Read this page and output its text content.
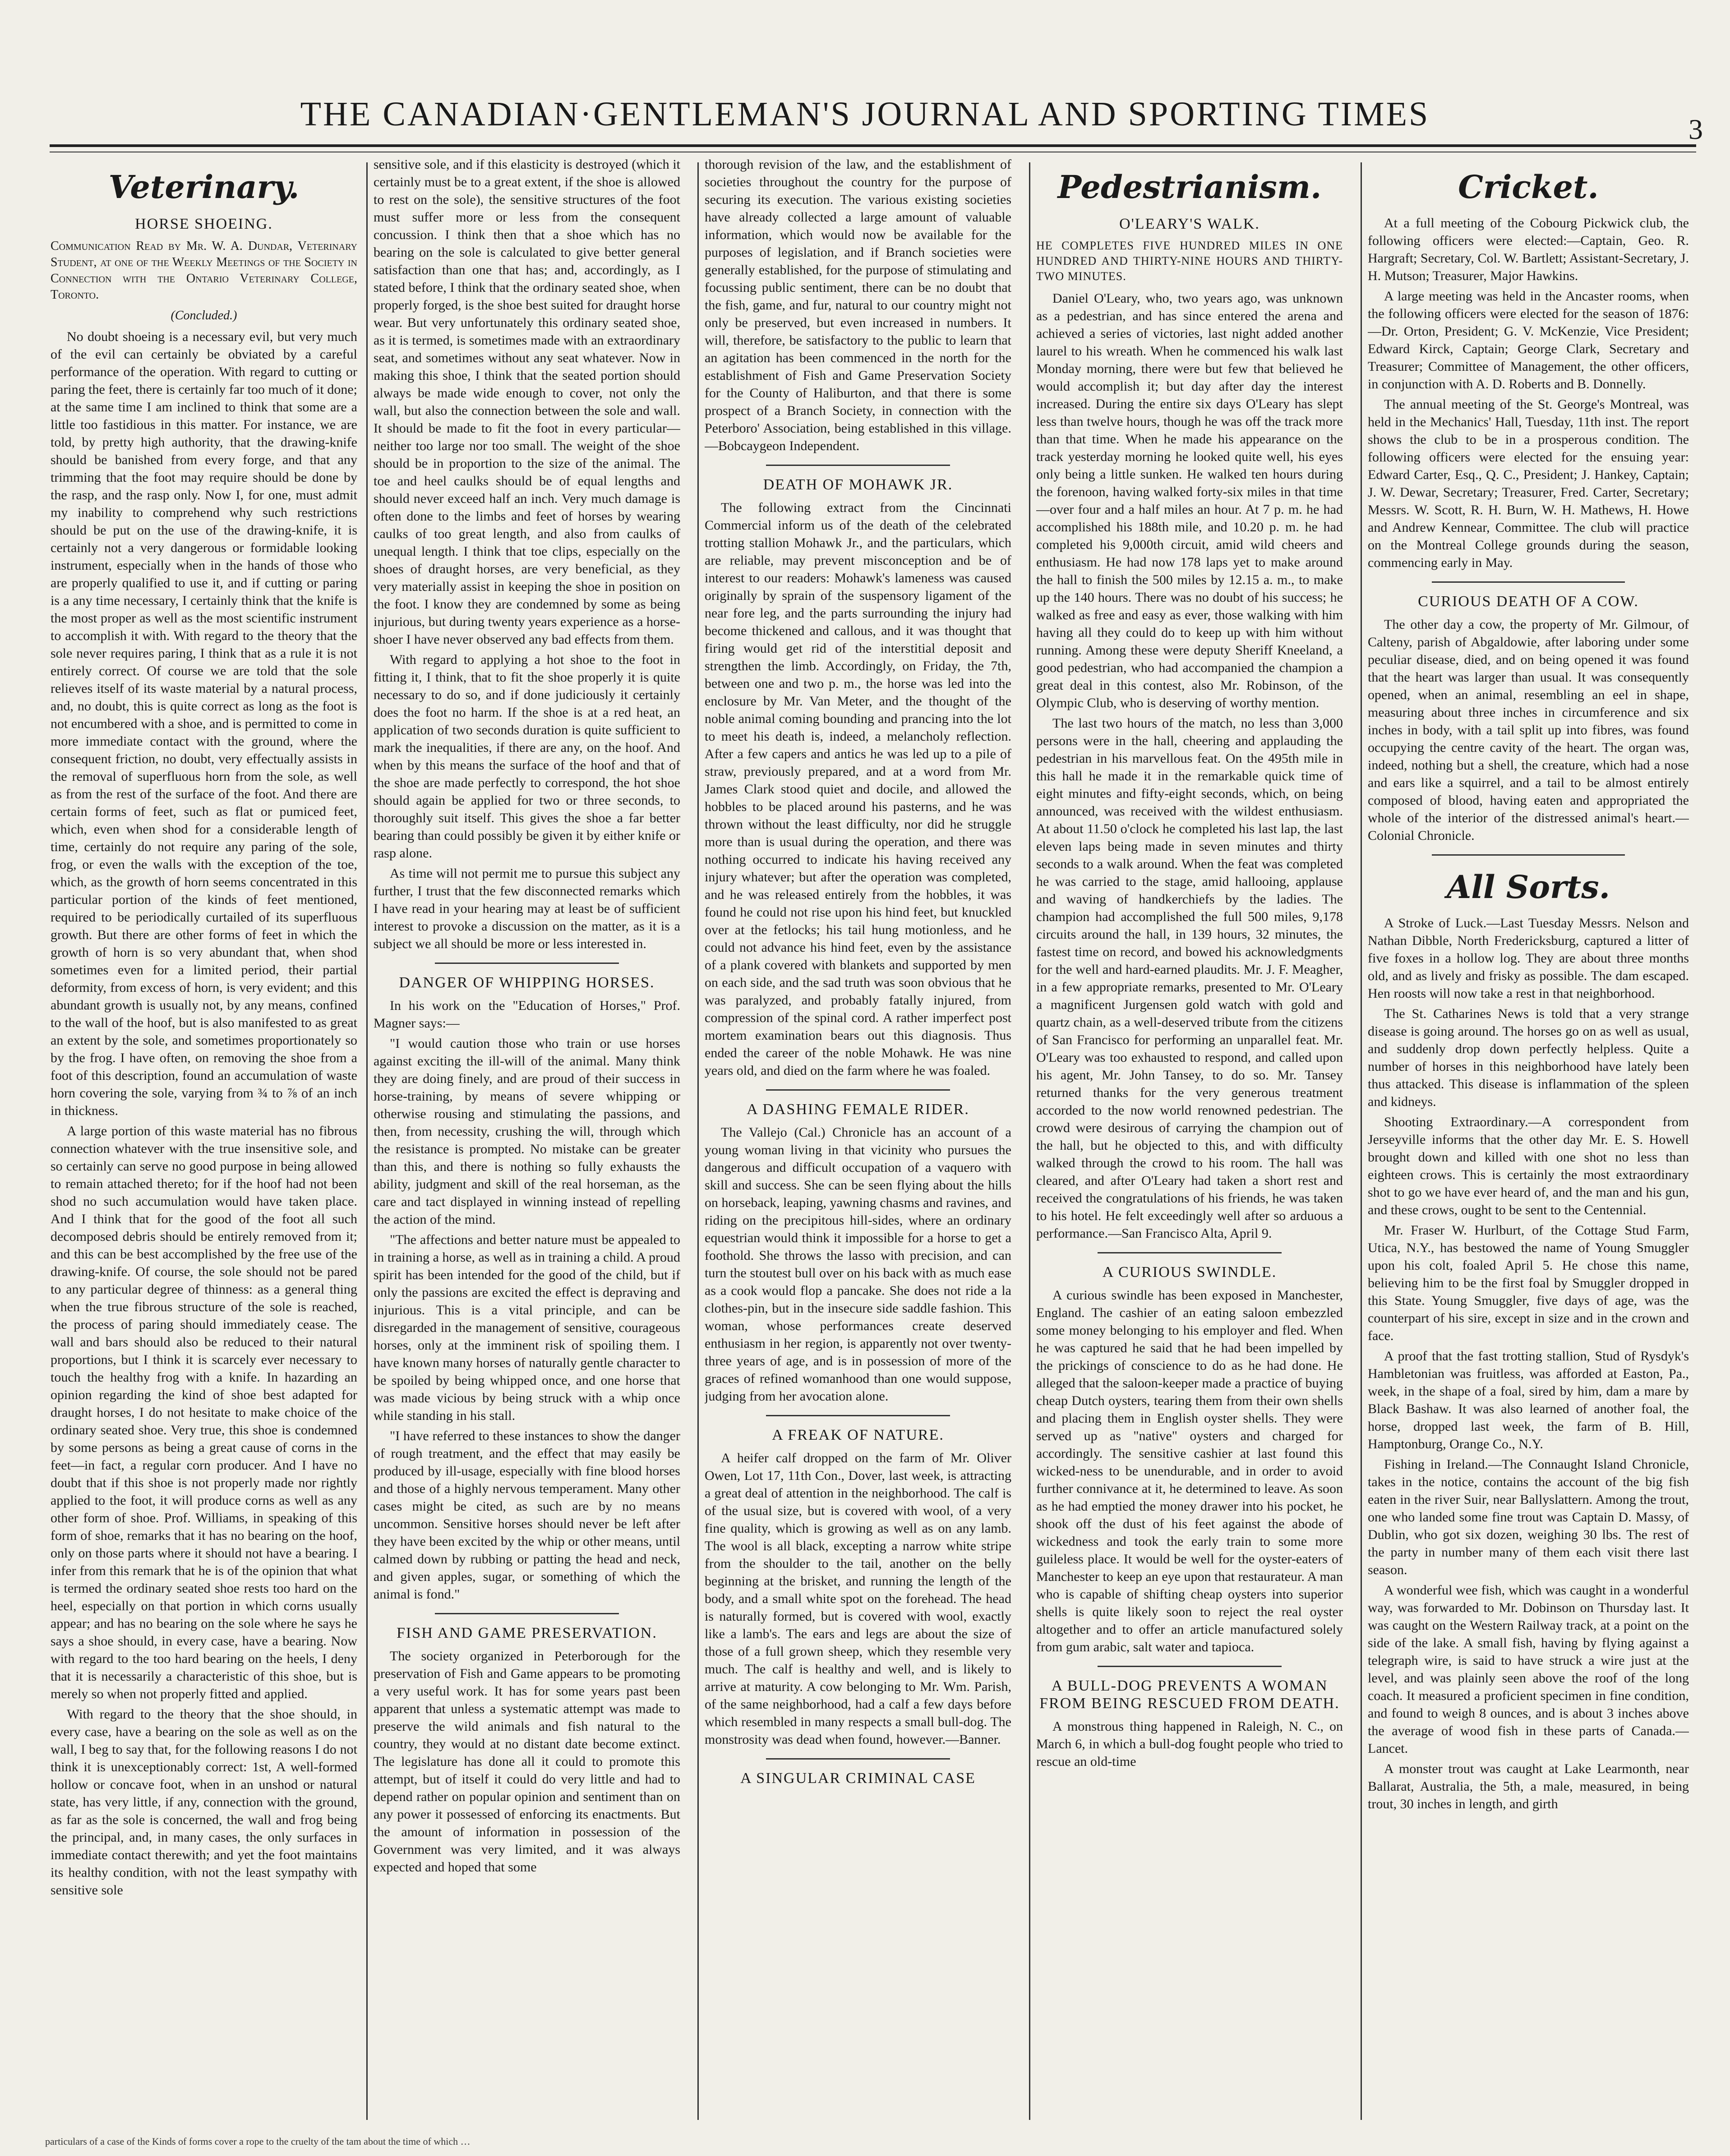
THE CANADIAN·GENTLEMAN'S JOURNAL AND SPORTING TIMES	3
Veterinary.
HORSE SHOEING.
Communication Read by Mr. W. A. Dundar, Veterinary Student, at one of the Weekly Meetings of the Society in Connection with the Ontario Veterinary College, Toronto.
(Concluded.)

No doubt shoeing is a necessary evil, but very much of the evil can certainly be obviated by a careful performance of the operation. With regard to cutting or paring the feet, there is certainly far too much of it done; at the same time I am inclined to think that some are a little too fastidious in this matter. For instance, we are told, by pretty high authority, that the drawing-knife should be banished from every forge, and that any trimming that the foot may require should be done by the rasp, and the rasp only. Now I, for one, must admit my inability to comprehend why such restrictions should be put on the use of the drawing-knife, it is certainly not a very dangerous or formidable looking instrument, especially when in the hands of those who are properly qualified to use it, and if cutting or paring is a any time necessary, I certainly think that the knife is the most proper as well as the most scientific instrument to accomplish it with. With regard to the theory that the sole never requires paring, I think that as a rule it is not entirely correct. Of course we are told that the sole relieves itself of its waste material by a natural process, and, no doubt, this is quite correct as long as the foot is not encumbered with a shoe, and is permitted to come in more immediate contact with the ground, where the consequent friction, no doubt, very effectually assists in the removal of superfluous horn from the sole, as well as from the rest of the surface of the foot. And there are certain forms of feet, such as flat or pumiced feet, which, even when shod for a considerable length of time, certainly do not require any paring of the sole, frog, or even the walls with the exception of the toe, which, as the growth of horn seems concentrated in this particular portion of the kinds of feet mentioned, required to be periodically curtailed of its superfluous growth. But there are other forms of feet in which the growth of horn is so very abundant that, when shod sometimes even for a limited period, their partial deformity, from excess of horn, is very evident; and this abundant growth is usually not, by any means, confined to the wall of the hoof, but is also manifested to as great an extent by the sole, and sometimes proportionately so by the frog. I have often, on removing the shoe from a foot of this description, found an accumulation of waste horn covering the sole, varying from ¾ to ⅞ of an inch in thickness.

A large portion of this waste material has no fibrous connection whatever with the true insensitive sole, and so certainly can serve no good purpose in being allowed to remain attached thereto; for if the hoof had not been shod no such accumulation would have taken place. And I think that for the good of the foot all such decomposed debris should be entirely removed from it; and this can be best accomplished by the free use of the drawing-knife. Of course, the sole should not be pared to any particular degree of thinness: as a general thing when the true fibrous structure of the sole is reached, the process of paring should immediately cease. The wall and bars should also be reduced to their natural proportions, but I think it is scarcely ever necessary to touch the healthy frog with a knife. In hazarding an opinion regarding the kind of shoe best adapted for draught horses, I do not hesitate to make choice of the ordinary seated shoe. Very true, this shoe is condemned by some persons as being a great cause of corns in the feet—in fact, a regular corn producer. And I have no doubt that if this shoe is not properly made nor rightly applied to the foot, it will produce corns as well as any other form of shoe. Prof. Williams, in speaking of this form of shoe, remarks that it has no bearing on the hoof, only on those parts where it should not have a bearing. I infer from this remark that he is of the opinion that what is termed the ordinary seated shoe rests too hard on the heel, especially on that portion in which corns usually appear; and has no bearing on the sole where he says he says a shoe should, in every case, have a bearing. Now with regard to the too hard bearing on the heels, I deny that it is necessarily a characteristic of this shoe, but is merely so when not properly fitted and applied.

With regard to the theory that the shoe should, in every case, have a bearing on the sole as well as on the wall, I beg to say that, for the following reasons I do not think it is unexceptionably correct: 1st, A well-formed hollow or concave foot, when in an unshod or natural state, has very little, if any, connection with the ground, as far as the sole is concerned, the wall and frog being the principal, and, in many cases, the only surfaces in immediate contact therewith; and yet the foot maintains its healthy condition, with not the least sympathy with sensitive sole

sensitive sole, and if this elasticity is destroyed (which it certainly must be to a great extent, if the shoe is allowed to rest on the sole), the sensitive structures of the foot must suffer more or less from the consequent concussion. I think then that a shoe which has no bearing on the sole is calculated to give better general satisfaction than one that has; and, accordingly, as I stated before, I think that the ordinary seated shoe, when properly forged, is the shoe best suited for draught horse wear. But very unfortunately this ordinary seated shoe, as it is termed, is sometimes made with an extraordinary seat, and sometimes without any seat whatever. Now in making this shoe, I think that the seated portion should always be made wide enough to cover, not only the wall, but also the connection between the sole and wall. It should be made to fit the foot in every particular—neither too large nor too small. The weight of the shoe should be in proportion to the size of the animal. The toe and heel caulks should be of equal lengths and should never exceed half an inch. Very much damage is often done to the limbs and feet of horses by wearing caulks of too great length, and also from caulks of unequal length. I think that toe clips, especially on the shoes of draught horses, are very beneficial, as they very materially assist in keeping the shoe in position on the foot. I know they are condemned by some as being injurious, but during twenty years experience as a horse-shoer I have never observed any bad effects from them.

With regard to applying a hot shoe to the foot in fitting it, I think, that to fit the shoe properly it is quite necessary to do so, and if done judiciously it certainly does the foot no harm. If the shoe is at a red heat, an application of two seconds duration is quite sufficient to mark the inequalities, if there are any, on the hoof. And when by this means the surface of the hoof and that of the shoe are made perfectly to correspond, the hot shoe should again be applied for two or three seconds, to thoroughly suit itself. This gives the shoe a far better bearing than could possibly be given it by either knife or rasp alone.

As time will not permit me to pursue this subject any further, I trust that the few disconnected remarks which I have read in your hearing may at least be of sufficient interest to provoke a discussion on the matter, as it is a subject we all should be more or less interested in.

DANGER OF WHIPPING HORSES.

In his work on the "Education of Horses," Prof. Magner says:—

"I would caution those who train or use horses against exciting the ill-will of the animal. Many think they are doing finely, and are proud of their success in horse-training, by means of severe whipping or otherwise rousing and stimulating the passions, and then, from necessity, crushing the will, through which the resistance is prompted. No mistake can be greater than this, and there is nothing so fully exhausts the ability, judgment and skill of the real horseman, as the care and tact displayed in winning instead of repelling the action of the mind.

"The affections and better nature must be appealed to in training a horse, as well as in training a child. A proud spirit has been intended for the good of the child, but if only the passions are excited the effect is depraving and injurious. This is a vital principle, and can be disregarded in the management of sensitive, courageous horses, only at the imminent risk of spoiling them. I have known many horses of naturally gentle character to be spoiled by being whipped once, and one horse that was made vicious by being struck with a whip once while standing in his stall.

"I have referred to these instances to show the danger of rough treatment, and the effect that may easily be produced by ill-usage, especially with fine blood horses and those of a highly nervous temperament. Many other cases might be cited, as such are by no means uncommon. Sensitive horses should never be left after they have been excited by the whip or other means, until calmed down by rubbing or patting the head and neck, and given apples, sugar, or something of which the animal is fond."

FISH AND GAME PRESERVATION.

The society organized in Peterborough for the preservation of Fish and Game appears to be promoting a very useful work. It has for some years past been apparent that unless a systematic attempt was made to preserve the wild animals and fish natural to the country, they would at no distant date become extinct. The legislature has done all it could to promote this attempt, but of itself it could do very little and had to depend rather on popular opinion and sentiment than on any power it possessed of enforcing its enactments. But the amount of information in possession of the Government was very limited, and it was always expected and hoped that some

thorough revision of the law, and the establishment of societies throughout the country for the purpose of securing its execution. The various existing societies have already collected a large amount of valuable information, which would now be available for the purposes of legislation, and if Branch societies were generally established, for the purpose of stimulating and focussing public sentiment, there can be no doubt that the fish, game, and fur, natural to our country might not only be preserved, but even increased in numbers. It will, therefore, be satisfactory to the public to learn that an agitation has been commenced in the north for the establishment of Fish and Game Preservation Society for the County of Haliburton, and that there is some prospect of a Branch Society, in connection with the Peterboro' Association, being established in this village.—Bobcaygeon Independent.

DEATH OF MOHAWK JR.

The following extract from the Cincinnati Commercial inform us of the death of the celebrated trotting stallion Mohawk Jr., and the particulars, which are reliable, may prevent misconception and be of interest to our readers: Mohawk's lameness was caused originally by sprain of the suspensory ligament of the near fore leg, and the parts surrounding the injury had become thickened and callous, and it was thought that firing would get rid of the interstitial deposit and strengthen the limb. Accordingly, on Friday, the 7th, between one and two p. m., the horse was led into the enclosure by Mr. Van Meter, and the thought of the noble animal coming bounding and prancing into the lot to meet his death is, indeed, a melancholy reflection. After a few capers and antics he was led up to a pile of straw, previously prepared, and at a word from Mr. James Clark stood quiet and docile, and allowed the hobbles to be placed around his pasterns, and he was thrown without the least difficulty, nor did he struggle more than is usual during the operation, and there was nothing occurred to indicate his having received any injury whatever; but after the operation was completed, and he was released entirely from the hobbles, it was found he could not rise upon his hind feet, but knuckled over at the fetlocks; his tail hung motionless, and he could not advance his hind feet, even by the assistance of a plank covered with blankets and supported by men on each side, and the sad truth was soon obvious that he was paralyzed, and probably fatally injured, from compression of the spinal cord. A rather imperfect post mortem examination bears out this diagnosis. Thus ended the career of the noble Mohawk. He was nine years old, and died on the farm where he was foaled.

A DASHING FEMALE RIDER.

The Vallejo (Cal.) Chronicle has an account of a young woman living in that vicinity who pursues the dangerous and difficult occupation of a vaquero with skill and success. She can be seen flying about the hills on horseback, leaping, yawning chasms and ravines, and riding on the precipitous hill-sides, where an ordinary equestrian would think it impossible for a horse to get a foothold. She throws the lasso with precision, and can turn the stoutest bull over on his back with as much ease as a cook would flop a pancake. She does not ride a la clothes-pin, but in the insecure side saddle fashion. This woman, whose performances create deserved enthusiasm in her region, is apparently not over twenty-three years of age, and is in possession of more of the graces of refined womanhood than one would suppose, judging from her avocation alone.

A FREAK OF NATURE.

A heifer calf dropped on the farm of Mr. Oliver Owen, Lot 17, 11th Con., Dover, last week, is attracting a great deal of attention in the neighborhood. The calf is of the usual size, but is covered with wool, of a very fine quality, which is growing as well as on any lamb. The wool is all black, excepting a narrow white stripe from the shoulder to the tail, another on the belly beginning at the brisket, and running the length of the body, and a small white spot on the forehead. The head is naturally formed, but is covered with wool, exactly like a lamb's. The ears and legs are about the size of those of a full grown sheep, which they resemble very much. The calf is healthy and well, and is likely to arrive at maturity. A cow belonging to Mr. Wm. Parish, of the same neighborhood, had a calf a few days before which resembled in many respects a small bull-dog. The monstrosity was dead when found, however.—Banner.

A SINGULAR CRIMINAL CASE
Pedestrianism.
O'LEARY'S WALK.
HE COMPLETES FIVE HUNDRED MILES IN ONE HUNDRED AND THIRTY-NINE HOURS AND THIRTY-TWO MINUTES.

Daniel O'Leary, who, two years ago, was unknown as a pedestrian, and has since entered the arena and achieved a series of victories, last night added another laurel to his wreath. When he commenced his walk last Monday morning, there were but few that believed he would accomplish it; but day after day the interest increased. During the entire six days O'Leary has slept less than twelve hours, though he was off the track more than that time. When he made his appearance on the track yesterday morning he looked quite well, his eyes only being a little sunken. He walked ten hours during the forenoon, having walked forty-six miles in that time—over four and a half miles an hour. At 7 p. m. he had accomplished his 188th mile, and 10.20 p. m. he had completed his 9,000th circuit, amid wild cheers and enthusiasm. He had now 178 laps yet to make around the hall to finish the 500 miles by 12.15 a. m., to make up the 140 hours. There was no doubt of his success; he walked as free and easy as ever, those walking with him having all they could do to keep up with him without running. Among these were deputy Sheriff Kneeland, a good pedestrian, who had accompanied the champion a great deal in this contest, also Mr. Robinson, of the Olympic Club, who is deserving of worthy mention.

The last two hours of the match, no less than 3,000 persons were in the hall, cheering and applauding the pedestrian in his marvellous feat. On the 495th mile in this hall he made it in the remarkable quick time of eight minutes and fifty-eight seconds, which, on being announced, was received with the wildest enthusiasm. At about 11.50 o'clock he completed his last lap, the last eleven laps being made in seven minutes and thirty seconds to a walk around. When the feat was completed he was carried to the stage, amid hallooing, applause and waving of handkerchiefs by the ladies. The champion had accomplished the full 500 miles, 9,178 circuits around the hall, in 139 hours, 32 minutes, the fastest time on record, and bowed his acknowledgments for the well and hard-earned plaudits. Mr. J. F. Meagher, in a few appropriate remarks, presented to Mr. O'Leary a magnificent Jurgensen gold watch with gold and quartz chain, as a well-deserved tribute from the citizens of San Francisco for performing an unparallel feat. Mr. O'Leary was too exhausted to respond, and called upon his agent, Mr. John Tansey, to do so. Mr. Tansey returned thanks for the very generous treatment accorded to the now world renowned pedestrian. The crowd were desirous of carrying the champion out of the hall, but he objected to this, and with difficulty walked through the crowd to his room. The hall was cleared, and after O'Leary had taken a short rest and received the congratulations of his friends, he was taken to his hotel. He felt exceedingly well after so arduous a performance.—San Francisco Alta, April 9.

A CURIOUS SWINDLE.

A curious swindle has been exposed in Manchester, England. The cashier of an eating saloon embezzled some money belonging to his employer and fled. When he was captured he said that he had been impelled by the prickings of conscience to do as he had done. He alleged that the saloon-keeper made a practice of buying cheap Dutch oysters, tearing them from their own shells and placing them in English oyster shells. They were served up as "native" oysters and charged for accordingly. The sensitive cashier at last found this wicked-ness to be unendurable, and in order to avoid further connivance at it, he determined to leave. As soon as he had emptied the money drawer into his pocket, he shook off the dust of his feet against the abode of wickedness and took the early train to some more guileless place. It would be well for the oyster-eaters of Manchester to keep an eye upon that restaurateur. A man who is capable of shifting cheap oysters into superior shells is quite likely soon to reject the real oyster altogether and to offer an article manufactured solely from gum arabic, salt water and tapioca.

A BULL-DOG PREVENTS A WOMAN FROM BEING RESCUED FROM DEATH.

A monstrous thing happened in Raleigh, N. C., on March 6, in which a bull-dog fought people who tried to rescue an old-time

Cricket.

At a full meeting of the Cobourg Pickwick club, the following officers were elected:—Captain, Geo. R. Hargraft; Secretary, Col. W. Bartlett; Assistant-Secretary, J. H. Mutson; Treasurer, Major Hawkins.

A large meeting was held in the Ancaster rooms, when the following officers were elected for the season of 1876:—Dr. Orton, President; G. V. McKenzie, Vice President; Edward Kirck, Captain; George Clark, Secretary and Treasurer; Committee of Management, the other officers, in conjunction with A. D. Roberts and B. Donnelly.

The annual meeting of the St. George's Montreal, was held in the Mechanics' Hall, Tuesday, 11th inst. The report shows the club to be in a prosperous condition. The following officers were elected for the ensuing year: Edward Carter, Esq., Q. C., President; J. Hankey, Captain; J. W. Dewar, Secretary; Treasurer, Fred. Carter, Secretary; Messrs. W. Scott, R. H. Burn, W. H. Mathews, H. Howe and Andrew Kennear, Committee. The club will practice on the Montreal College grounds during the season, commencing early in May.

CURIOUS DEATH OF A COW.

The other day a cow, the property of Mr. Gilmour, of Calteny, parish of Abgaldowie, after laboring under some peculiar disease, died, and on being opened it was found that the heart was larger than usual. It was consequently opened, when an animal, resembling an eel in shape, measuring about three inches in circumference and six inches in body, with a tail split up into fibres, was found occupying the centre cavity of the heart. The organ was, indeed, nothing but a shell, the creature, which had a nose and ears like a squirrel, and a tail to be almost entirely composed of blood, having eaten and appropriated the whole of the interior of the distressed animal's heart.—Colonial Chronicle.

All Sorts.

A Stroke of Luck.—Last Tuesday Messrs. Nelson and Nathan Dibble, North Fredericksburg, captured a litter of five foxes in a hollow log. They are about three months old, and as lively and frisky as possible. The dam escaped. Hen roosts will now take a rest in that neighborhood.

The St. Catharines News is told that a very strange disease is going around. The horses go on as well as usual, and suddenly drop down perfectly helpless. Quite a number of horses in this neighborhood have lately been thus attacked. This disease is inflammation of the spleen and kidneys.

Shooting Extraordinary.—A correspondent from Jerseyville informs that the other day Mr. E. S. Howell brought down and killed with one shot no less than eighteen crows. This is certainly the most extraordinary shot to go we have ever heard of, and the man and his gun, and these crows, ought to be sent to the Centennial.

Mr. Fraser W. Hurlburt, of the Cottage Stud Farm, Utica, N.Y., has bestowed the name of Young Smuggler upon his colt, foaled April 5. He chose this name, believing him to be the first foal by Smuggler dropped in this State. Young Smuggler, five days of age, was the counterpart of his sire, except in size and in the crown and face.

A proof that the fast trotting stallion, Stud of Rysdyk's Hambletonian was fruitless, was afforded at Easton, Pa., week, in the shape of a foal, sired by him, dam a mare by Black Bashaw. It was also learned of another foal, the horse, dropped last week, the farm of B. Hill, Hamptonburg, Orange Co., N.Y.

Fishing in Ireland.—The Connaught Island Chronicle, takes in the notice, contains the account of the big fish eaten in the river Suir, near Ballyslattern. Among the trout, one who landed some fine trout was Captain D. Massy, of Dublin, who got six dozen, weighing 30 lbs. The rest of the party in number many of them each visit there last season.

A wonderful wee fish, which was caught in a wonderful way, was forwarded to Mr. Dobinson on Thursday last. It was caught on the Western Railway track, at a point on the side of the lake. A small fish, having by flying against a telegraph wire, is said to have struck a wire just at the level, and was plainly seen above the roof of the long coach. It measured a proficient specimen in fine condition, and found to weigh 8 ounces, and is about 3 inches above the average of wood fish in these parts of Canada.—Lancet.

A monster trout was caught at Lake Learmonth, near Ballarat, Australia, the 5th, a male, measured, in being trout, 30 inches in length, and girth

particulars of a case of the Kinds of forms cover a rope to the cruelty of the tam about the time of which …
